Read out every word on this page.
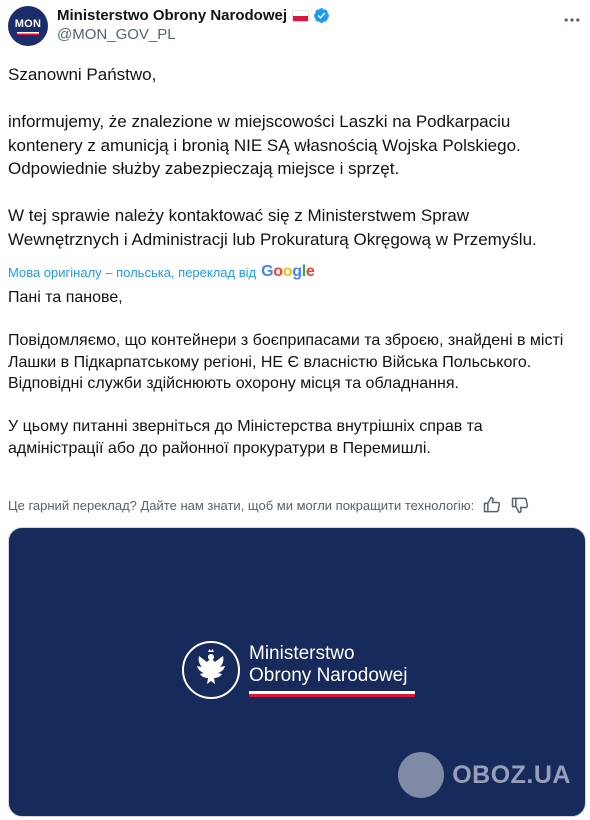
MON Ministerstwo Obrony Narodowej
@MON_GOV_PL

Szanowni Państwo,

informujemy, że znalezione w miejscowości Laszki na Podkarpaciu kontenery z amunicją i bronią NIE SĄ własnością Wojska Polskiego. Odpowiednie służby zabezpieczają miejsce i sprzęt.

W tej sprawie należy kontaktować się z Ministerstwem Spraw Wewnętrznych i Administracji lub Prokuraturą Okręgową w Przemyślu.

Мова оригіналу – польська, переклад від Google

Пані та панове,

Повідомляємо, що контейнери з боєприпасами та зброєю, знайдені в місті Лашки в Підкарпатському регіоні, НЕ Є власністю Війська Польського. Відповідні служби здійснюють охорону місця та обладнання.

У цьому питанні зверніться до Міністерства внутрішніх справ та адміністрації або до районної прокуратури в Перемишлі.

Це гарний переклад? Дайте нам знати, щоб ми могли покращити технологію:
Ministerstwo
Obrony Narodowej
OBOZ.UA
